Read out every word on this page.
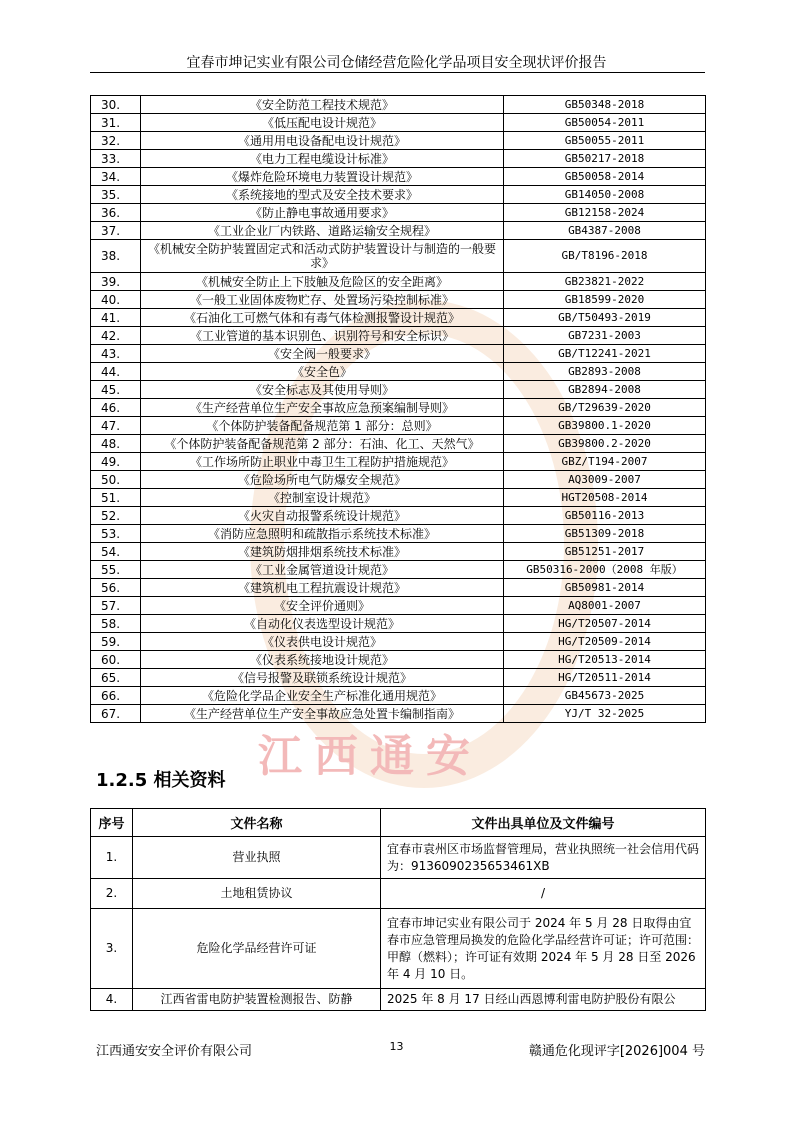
宜春市坤记实业有限公司仓储经营危险化学品项目安全现状评价报告
30.	《安全防范工程技术规范》	GB50348-2018
31.	《低压配电设计规范》	GB50054-2011
32.	《通用用电设备配电设计规范》	GB50055-2011
33.	《电力工程电缆设计标准》	GB50217-2018
34.	《爆炸危险环境电力装置设计规范》	GB50058-2014
35.	《系统接地的型式及安全技术要求》	GB14050-2008
36.	《防止静电事故通用要求》	GB12158-2024
37.	《工业企业厂内铁路、道路运输安全规程》	GB4387-2008
38.	《机械安全防护装置固定式和活动式防护装置设计与制造的一般要求》	GB/T8196-2018
39.	《机械安全防止上下肢触及危险区的安全距离》	GB23821-2022
40.	《一般工业固体废物贮存、处置场污染控制标准》	GB18599-2020
41.	《石油化工可燃气体和有毒气体检测报警设计规范》	GB/T50493-2019
42.	《工业管道的基本识别色、识别符号和安全标识》	GB7231-2003
43.	《安全阀一般要求》	GB/T12241-2021
44.	《安全色》	GB2893-2008
45.	《安全标志及其使用导则》	GB2894-2008
46.	《生产经营单位生产安全事故应急预案编制导则》	GB/T29639-2020
47.	《个体防护装备配备规范第 1 部分：总则》	GB39800.1-2020
48.	《个体防护装备配备规范第 2 部分：石油、化工、天然气》	GB39800.2-2020
49.	《工作场所防止职业中毒卫生工程防护措施规范》	GBZ/T194-2007
50.	《危险场所电气防爆安全规范》	AQ3009-2007
51.	《控制室设计规范》	HGT20508-2014
52.	《火灾自动报警系统设计规范》	GB50116-2013
53.	《消防应急照明和疏散指示系统技术标准》	GB51309-2018
54.	《建筑防烟排烟系统技术标准》	GB51251-2017
55.	《工业金属管道设计规范》	GB50316-2000（2008 年版）
56.	《建筑机电工程抗震设计规范》	GB50981-2014
57.	《安全评价通则》	AQ8001-2007
58.	《自动化仪表选型设计规范》	HG/T20507-2014
59.	《仪表供电设计规范》	HG/T20509-2014
60.	《仪表系统接地设计规范》	HG/T20513-2014
65.	《信号报警及联锁系统设计规范》	HG/T20511-2014
66.	《危险化学品企业安全生产标准化通用规范》	GB45673-2025
67.	《生产经营单位生产安全事故应急处置卡编制指南》	YJ/T 32-2025
1.2.5 相关资料
序号	文件名称	文件出具单位及文件编号
1.	营业执照	宜春市袁州区市场监督管理局，营业执照统一社会信用代码为：9136090235653461XB
2.	土地租赁协议	/
3.	危险化学品经营许可证	宜春市坤记实业有限公司于 2024 年 5 月 28 日取得由宜春市应急管理局换发的危险化学品经营许可证；许可范围：甲醇（燃料）；许可证有效期 2024 年 5 月 28 日至 2026 年 4 月 10 日。
4.	江西省雷电防护装置检测报告、防静	2025 年 8 月 17 日经山西恩博利雷电防护股份有限公
江西通安
江西通安安全评价有限公司	13	赣通危化现评字[2026]004 号
